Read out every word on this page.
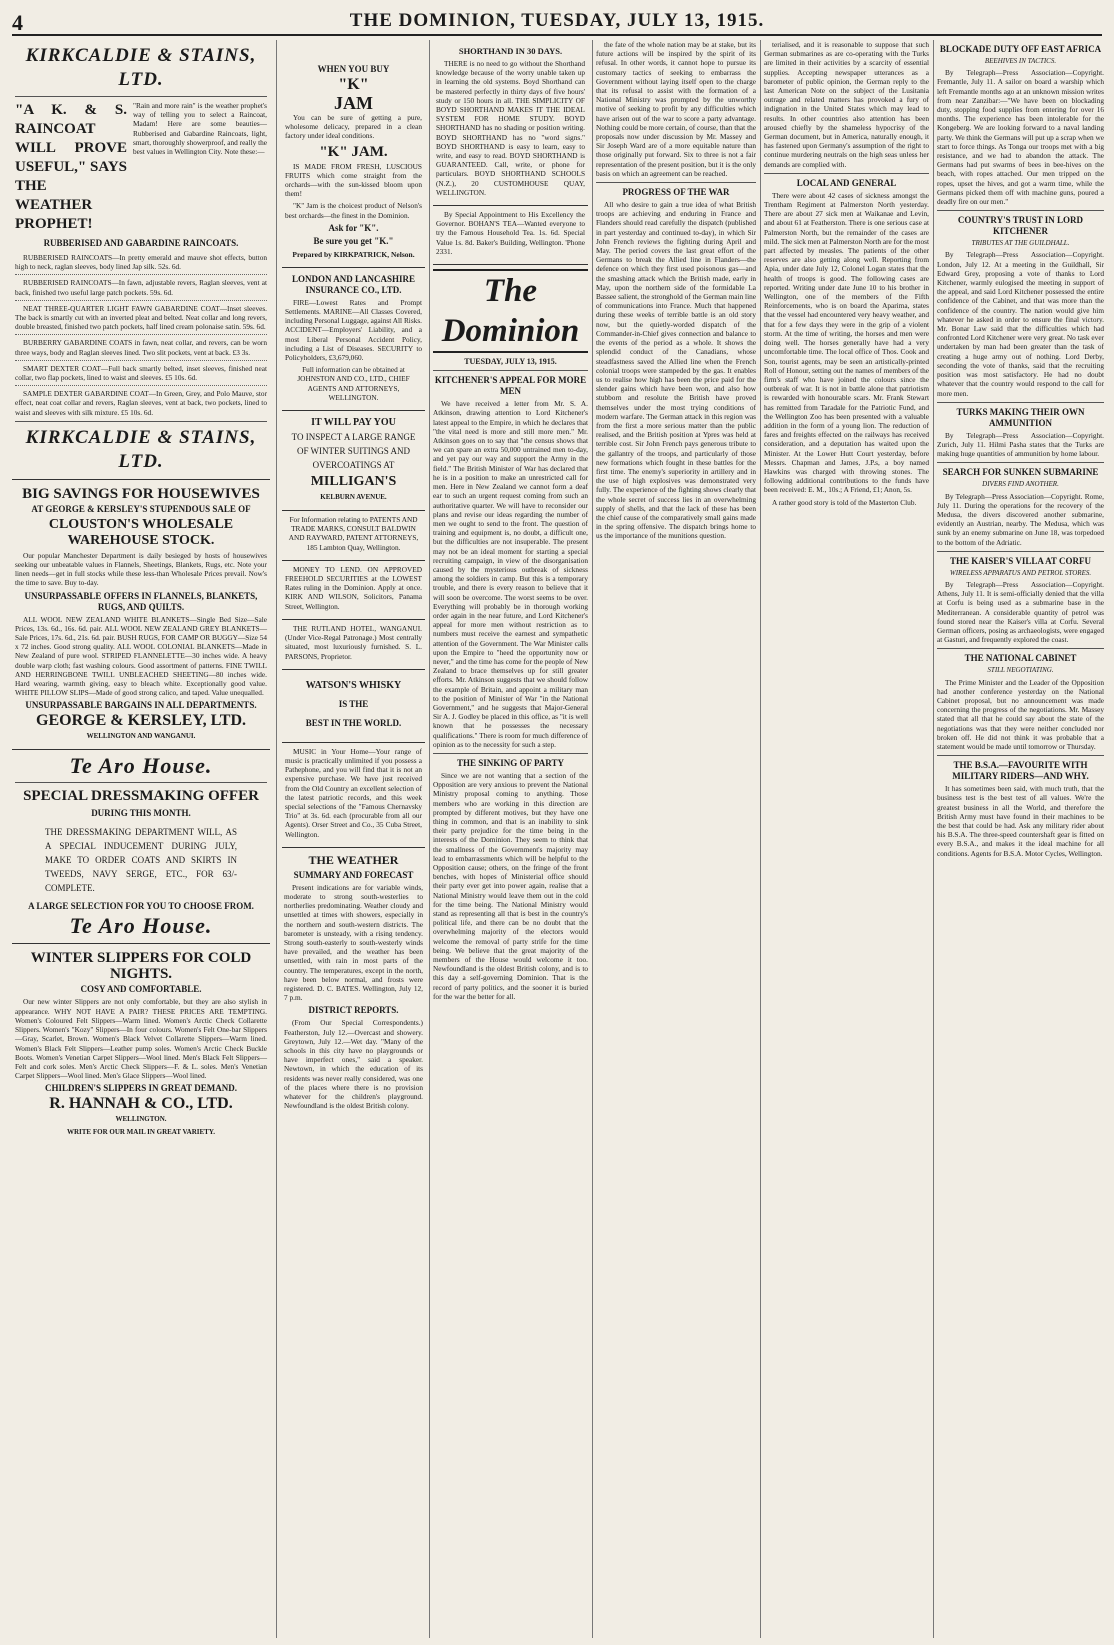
4	THE DOMINION, TUESDAY, JULY 13, 1915.
KIRKCALDIE & STAINS, LTD.
"A K. & S. RAINCOAT WILL PROVE USEFUL," SAYS THE WEATHER PROPHET!
"Rain and more rain" is the weather prophet's way of telling you to select a Raincoat, Madam! Here are some beauties—Rubberised and Gabardine Raincoats, light, smart, thoroughly showerproof, and really the best values in Wellington City. Note these:—
RUBBERISED AND GABARDINE RAINCOATS.
RUBBERISED RAINCOATS—In pretty emerald and mauve shot effects, button high to neck, raglan sleeves, body lined Jap silk. 52s. 6d.
RUBBERISED RAINCOATS—In fawn, adjustable revers, Raglan sleeves, vent at back, finished two useful large patch pockets. 59s. 6d.
NEAT THREE-QUARTER LIGHT FAWN GABARDINE COAT—Inset sleeves. The back is smartly cut with an inverted pleat and belted. Neat collar and long revers, double breasted, finished two patch pockets, half lined cream polonaise satin. 59s. 6d.
BURBERRY GABARDINE COATS in fawn, neat collar, and revers, can be worn three ways, body and Raglan sleeves lined. Two slit pockets, vent at back. £3 3s.
SMART DEXTER COAT—Full back smartly belted, inset sleeves, finished neat collar, two flap pockets, lined to waist and sleeves. £5 10s. 6d.
SAMPLE DEXTER GABARDINE COAT—In Green, Grey, and Polo Mauve, stor effect, neat coat collar and revers, Raglan sleeves, vent at back, two pockets, lined to waist and sleeves with silk mixture. £5 10s. 6d.
KIRKCALDIE & STAINS, LTD.
BIG SAVINGS FOR HOUSEWIVES
AT GEORGE & KERSLEY'S STUPENDOUS SALE OF
CLOUSTON'S WHOLESALE WAREHOUSE STOCK.
Our popular Manchester Department is daily besieged by hosts of housewives seeking our unbeatable values in Flannels, Sheetings, Blankets, Rugs, etc. Note your linen needs—get in full stocks while these less-than Wholesale Prices prevail. Now's the time to save. Buy to-day.
UNSURPASSABLE OFFERS IN FLANNELS, BLANKETS, RUGS, AND QUILTS.
ALL WOOL NEW ZEALAND WHITE BLANKETS—Single Bed Size—Sale Prices, 13s. 6d., 16s. 6d. pair. ALL WOOL NEW ZEALAND GREY BLANKETS—Sale Prices, 17s. 6d., 21s. 6d. pair. BUSH RUGS, FOR CAMP OR BUGGY—Size 54 x 72 inches. Good strong quality. ALL WOOL COLONIAL BLANKETS—Made in New Zealand of pure wool. STRIPED FLANNELETTE—30 inches wide. A heavy double warp cloth; fast washing colours. Good assortment of patterns. FINE TWILL AND HERRINGBONE TWILL UNBLEACHED SHEETING—80 inches wide. Hard wearing, warmth giving, easy to bleach white. Exceptionally good value. WHITE PILLOW SLIPS—Made of good strong calico, and taped. Value unequalled.
UNSURPASSABLE BARGAINS IN ALL DEPARTMENTS.
GEORGE & KERSLEY, LTD.
WELLINGTON AND WANGANUI.
Te Aro House.
SPECIAL DRESSMAKING OFFER
DURING THIS MONTH.
THE DRESSMAKING DEPARTMENT WILL, AS A SPECIAL INDUCEMENT DURING JULY, MAKE TO ORDER COATS AND SKIRTS IN TWEEDS, NAVY SERGE, ETC., FOR 63/- COMPLETE.
A LARGE SELECTION FOR YOU TO CHOOSE FROM.
Te Aro House.
WINTER SLIPPERS FOR COLD NIGHTS.
COSY AND COMFORTABLE.
Our new winter Slippers are not only comfortable, but they are also stylish in appearance. WHY NOT HAVE A PAIR? THESE PRICES ARE TEMPTING. Women's Coloured Felt Slippers—Warm lined. Women's Arctic Check Collarette Slippers. Women's "Kozy" Slippers—In four colours. Women's Felt One-bar Slippers—Gray, Scarlet, Brown. Women's Black Velvet Collarette Slippers—Warm lined. Women's Black Felt Slippers—Leather pump soles. Women's Arctic Check Buckle Boots. Women's Venetian Carpet Slippers—Wool lined. Men's Black Felt Slippers—Felt and cork soles. Men's Arctic Check Slippers—F. & L. soles. Men's Venetian Carpet Slippers—Wool lined. Men's Glace Slippers—Wool lined.
CHILDREN'S SLIPPERS IN GREAT DEMAND.
R. HANNAH & CO., LTD.
WELLINGTON.
WRITE FOR OUR MAIL IN GREAT VARIETY.
WHEN YOU BUY
"K"
JAM
You can be sure of getting a pure, wholesome delicacy, prepared in a clean factory under ideal conditions.
"K" JAM.
IS MADE FROM FRESH, LUSCIOUS FRUITS which come straight from the orchards—with the sun-kissed bloom upon them!
"K" Jam is the choicest product of Nelson's best orchards—the finest in the Dominion.
Ask for "K".
Be sure you get "K."
Prepared by KIRKPATRICK, Nelson.
LONDON AND LANCASHIRE INSURANCE CO., LTD.
FIRE—Lowest Rates and Prompt Settlements. MARINE—All Classes Covered, including Personal Luggage, against All Risks. ACCIDENT—Employers' Liability, and a most Liberal Personal Accident Policy, including a List of Diseases. SECURITY to Policyholders, £3,679,060.
Full information can be obtained at JOHNSTON AND CO., LTD., CHIEF AGENTS AND ATTORNEYS, WELLINGTON.
IT WILL PAY YOU
TO INSPECT A LARGE RANGE OF WINTER SUITINGS AND OVERCOATINGS AT
MILLIGAN'S
KELBURN AVENUE.
For Information relating to PATENTS AND TRADE MARKS, CONSULT BALDWIN AND RAYWARD, PATENT ATTORNEYS, 185 Lambton Quay, Wellington.
MONEY TO LEND. ON APPROVED FREEHOLD SECURITIES at the LOWEST Rates ruling in the Dominion. Apply at once. KIRK AND WILSON, Solicitors, Panama Street, Wellington.
THE RUTLAND HOTEL, WANGANUI. (Under Vice-Regal Patronage.) Most centrally situated, most luxuriously furnished. S. L. PARSONS, Proprietor.
WATSON'S WHISKY
IS THE
BEST IN THE WORLD.
MUSIC in Your Home—Your range of music is practically unlimited if you possess a Pathephone, and you will find that it is not an expensive purchase. We have just received from the Old Country an excellent selection of the latest patriotic records, and this week special selections of the "Famous Chernavsky Trio" at 3s. 6d. each (procurable from all our Agents). Orser Street and Co., 35 Cuba Street, Wellington.
THE WEATHER
SUMMARY AND FORECAST
Present indications are for variable winds, moderate to strong south-westerlies to northerlies predominating. Weather cloudy and unsettled at times with showers, especially in the northern and south-western districts. The barometer is unsteady, with a rising tendency. Strong south-easterly to south-westerly winds have prevailed, and the weather has been unsettled, with rain in most parts of the country. The temperatures, except in the north, have been below normal, and frosts were registered. D. C. BATES. Wellington, July 12, 7 p.m.
DISTRICT REPORTS.
(From Our Special Correspondents.) Featherston, July 12.—Overcast and showery. Greytown, July 12.—Wet day. "Many of the schools in this city have no playgrounds or have imperfect ones," said a speaker. Newtown, in which the education of its residents was never really considered, was one of the places where there is no provision whatever for the children's playground. Newfoundland is the oldest British colony.
SHORTHAND IN 30 DAYS.
THERE is no need to go without the Shorthand knowledge because of the worry unable taken up in learning the old systems. Boyd Shorthand can be mastered perfectly in thirty days of five hours' study or 150 hours in all. THE SIMPLICITY OF BOYD SHORTHAND MAKES IT THE IDEAL SYSTEM FOR HOME STUDY. BOYD SHORTHAND has no shading or position writing. BOYD SHORTHAND has no "word signs." BOYD SHORTHAND is easy to learn, easy to write, and easy to read. BOYD SHORTHAND is GUARANTEED. Call, write, or phone for particulars. BOYD SHORTHAND SCHOOLS (N.Z.), 20 CUSTOMHOUSE QUAY, WELLINGTON.
By Special Appointment to His Excellency the Governor. BOHAN'S TEA—Wanted everyone to try the Famous Household Tea. 1s. 6d. Special Value 1s. 8d. Baker's Building, Wellington. 'Phone 2331.
The Dominion
TUESDAY, JULY 13, 1915.
KITCHENER'S APPEAL FOR MORE MEN
We have received a letter from Mr. S. A. Atkinson, drawing attention to Lord Kitchener's latest appeal to the Empire, in which he declares that "the vital need is more and still more men." Mr. Atkinson goes on to say that "the census shows that we can spare an extra 50,000 untrained men to-day, and yet pay our way and support the Army in the field." The British Minister of War has declared that he is in a position to make an unrestricted call for men. Here in New Zealand we cannot form a deaf ear to such an urgent request coming from such an authoritative quarter. We will have to reconsider our plans and revise our ideas regarding the number of men we ought to send to the front. The question of training and equipment is, no doubt, a difficult one, but the difficulties are not insuperable. The present may not be an ideal moment for starting a special recruiting campaign, in view of the disorganisation caused by the mysterious outbreak of sickness among the soldiers in camp. But this is a temporary trouble, and there is every reason to believe that it will soon be overcome. The worst seems to be over. Everything will probably be in thorough working order again in the near future, and Lord Kitchener's appeal for more men without restriction as to numbers must receive the earnest and sympathetic attention of the Government. The War Minister calls upon the Empire to "heed the opportunity now or never," and the time has come for the people of New Zealand to brace themselves up for still greater efforts. Mr. Atkinson suggests that we should follow the example of Britain, and appoint a military man to the position of Minister of War "in the National Government," and he suggests that Major-General Sir A. J. Godley be placed in this office, as "it is well known that he possesses the necessary qualifications." There is room for much difference of opinion as to the necessity for such a step.
THE SINKING OF PARTY
Since we are not wanting that a section of the Opposition are very anxious to prevent the National Ministry proposal coming to anything. Those members who are working in this direction are prompted by different motives, but they have one thing in common, and that is an inability to sink their party prejudice for the time being in the interests of the Dominion. They seem to think that the smallness of the Government's majority may lead to embarrassments which will be helpful to the Opposition cause; others, on the fringe of the front benches, with hopes of Ministerial office should their party ever get into power again, realise that a National Ministry would leave them out in the cold for the time being. The National Ministry would stand as representing all that is best in the country's political life, and there can be no doubt that the overwhelming majority of the electors would welcome the removal of party strife for the time being. We believe that the great majority of the members of the House would welcome it too. Newfoundland is the oldest British colony, and is to this day a self-governing Dominion. That is the record of party politics, and the sooner it is buried for the war the better for all.
the fate of the whole nation may be at stake, but its future actions will be inspired by the spirit of its refusal. In other words, it cannot hope to pursue its customary tactics of seeking to embarrass the Government without laying itself open to the charge that its refusal to assist with the formation of a National Ministry was prompted by the unworthy motive of seeking to profit by any difficulties which have arisen out of the war to score a party advantage. Nothing could be more certain, of course, than that the proposals now under discussion by Mr. Massey and Sir Joseph Ward are of a more equitable nature than those originally put forward. Six to three is not a fair representation of the present position, but it is the only basis on which an agreement can be reached.
PROGRESS OF THE WAR
All who desire to gain a true idea of what British troops are achieving and enduring in France and Flanders should read carefully the dispatch (published in part yesterday and continued to-day), in which Sir John French reviews the fighting during April and May. The period covers the last great effort of the Germans to break the Allied line in Flanders—the defence on which they first used poisonous gas—and the smashing attack which the British made, early in May, upon the northern side of the formidable La Bassee salient, the stronghold of the German main line of communications into France. Much that happened during these weeks of terrible battle is an old story now, but the quietly-worded dispatch of the Commander-in-Chief gives connection and balance to the events of the period as a whole. It shows the splendid conduct of the Canadians, whose steadfastness saved the Allied line when the French colonial troops were stampeded by the gas. It enables us to realise how high has been the price paid for the slender gains which have been won, and also how stubborn and resolute the British have proved themselves under the most trying conditions of modern warfare. The German attack in this region was from the first a more serious matter than the public realised, and the British position at Ypres was held at terrible cost. Sir John French pays generous tribute to the gallantry of the troops, and particularly of those new formations which fought in these battles for the first time. The enemy's superiority in artillery and in the use of high explosives was demonstrated very fully. The experience of the fighting shows clearly that the whole secret of success lies in an overwhelming supply of shells, and that the lack of these has been the chief cause of the comparatively small gains made in the spring offensive. The dispatch brings home to us the importance of the munitions question.
terialised, and it is reasonable to suppose that such German submarines as are co-operating with the Turks are limited in their activities by a scarcity of essential supplies. Accepting newspaper utterances as a barometer of public opinion, the German reply to the last American Note on the subject of the Lusitania outrage and related matters has provoked a fury of indignation in the United States which may lead to results. In other countries also attention has been aroused chiefly by the shameless hypocrisy of the German document, but in America, naturally enough, it has fastened upon Germany's assumption of the right to continue murdering neutrals on the high seas unless her demands are complied with.
LOCAL AND GENERAL
There were about 42 cases of sickness amongst the Trentham Regiment at Palmerston North yesterday. There are about 27 sick men at Waikanae and Levin, and about 61 at Featherston. There is one serious case at Palmerston North, but the remainder of the cases are mild. The sick men at Palmerston North are for the most part affected by measles. The patients of the other reserves are also getting along well. Reporting from Apia, under date July 12, Colonel Logan states that the health of troops is good. The following cases are reported. Writing under date June 10 to his brother in Wellington, one of the members of the Fifth Reinforcements, who is on board the Aparima, states that the vessel had encountered very heavy weather, and that for a few days they were in the grip of a violent storm. At the time of writing, the horses and men were doing well. The horses generally have had a very uncomfortable time. The local office of Thos. Cook and Son, tourist agents, may be seen an artistically-printed Roll of Honour, setting out the names of members of the firm's staff who have joined the colours since the outbreak of war. It is not in battle alone that patriotism is rewarded with honourable scars. Mr. Frank Stewart has remitted from Taradale for the Patriotic Fund, and the Wellington Zoo has been presented with a valuable addition in the form of a young lion. The reduction of fares and freights effected on the railways has received consideration, and a deputation has waited upon the Minister. At the Lower Hutt Court yesterday, before Messrs. Chapman and James, J.P.s, a boy named Hawkins was charged with throwing stones. The following additional contributions to the funds have been received: E. M., 10s.; A Friend, £1; Anon, 5s.
A rather good story is told of the Masterton Club.
BLOCKADE DUTY OFF EAST AFRICA
BEEHIVES IN TACTICS.
By Telegraph—Press Association—Copyright. Fremantle, July 11. A sailor on board a warship which left Fremantle months ago at an unknown mission writes from near Zanzibar:—"We have been on blockading duty, stopping food supplies from entering for over 16 months. The experience has been intolerable for the Kongeberg. We are looking forward to a naval landing party. We think the Germans will put up a scrap when we start to force things. As Tonga our troops met with a big resistance, and we had to abandon the attack. The Germans had put swarms of bees in bee-hives on the beach, with ropes attached. Our men tripped on the ropes, upset the hives, and got a warm time, while the Germans picked them off with machine guns, poured a deadly fire on our men."
COUNTRY'S TRUST IN LORD KITCHENER
TRIBUTES AT THE GUILDHALL.
By Telegraph—Press Association—Copyright. London, July 12. At a meeting in the Guildhall, Sir Edward Grey, proposing a vote of thanks to Lord Kitchener, warmly eulogised the meeting in support of the appeal, and said Lord Kitchener possessed the entire confidence of the Cabinet, and that was more than the confidence of the country. The nation would give him whatever he asked in order to ensure the final victory. Mr. Bonar Law said that the difficulties which had confronted Lord Kitchener were very great. No task ever undertaken by man had been greater than the task of creating a huge army out of nothing. Lord Derby, seconding the vote of thanks, said that the recruiting position was most satisfactory. He had no doubt whatever that the country would respond to the call for more men.
TURKS MAKING THEIR OWN AMMUNITION
By Telegraph—Press Association—Copyright. Zurich, July 11. Hilmi Pasha states that the Turks are making huge quantities of ammunition by home labour.
SEARCH FOR SUNKEN SUBMARINE
DIVERS FIND ANOTHER.
By Telegraph—Press Association—Copyright. Rome, July 11. During the operations for the recovery of the Medusa, the divers discovered another submarine, evidently an Austrian, nearby. The Medusa, which was sunk by an enemy submarine on June 18, was torpedoed to the bottom of the Adriatic.
THE KAISER'S VILLA AT CORFU
WIRELESS APPARATUS AND PETROL STORES.
By Telegraph—Press Association—Copyright. Athens, July 11. It is semi-officially denied that the villa at Corfu is being used as a submarine base in the Mediterranean. A considerable quantity of petrol was found stored near the Kaiser's villa at Corfu. Several German officers, posing as archaeologists, were engaged at Gasturi, and frequently explored the coast.
THE NATIONAL CABINET
STILL NEGOTIATING.
The Prime Minister and the Leader of the Opposition had another conference yesterday on the National Cabinet proposal, but no announcement was made concerning the progress of the negotiations. Mr. Massey stated that all that he could say about the state of the negotiations was that they were neither concluded nor broken off. He did not think it was probable that a statement would be made until tomorrow or Thursday.
THE B.S.A.—FAVOURITE WITH MILITARY RIDERS—AND WHY.
It has sometimes been said, with much truth, that the business test is the best test of all values. We're the greatest business in all the World, and therefore the British Army must have found in their machines to be the best that could be had. Ask any military rider about his B.S.A. The three-speed countershaft gear is fitted on every B.S.A., and makes it the ideal machine for all conditions. Agents for B.S.A. Motor Cycles, Wellington.
